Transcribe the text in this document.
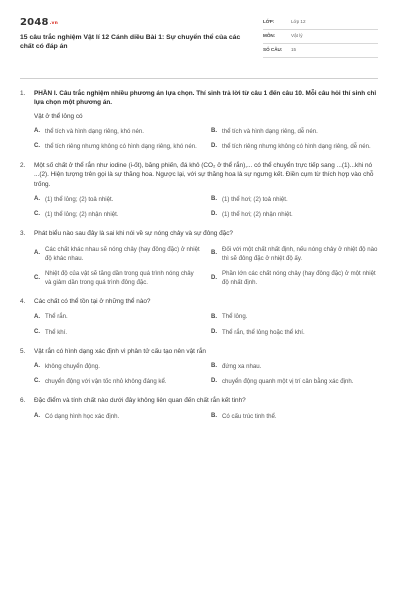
2048.vn
15 câu trắc nghiệm Vật lí 12 Cánh diều Bài 1: Sự chuyển thể của các chất có đáp án
LỚP:	Lớp 12
MÔN:	Vật lý
SỐ CÂU:	15
1.	PHẦN I. Câu trắc nghiệm nhiều phương án lựa chọn. Thí sinh trả lời từ câu 1 đến câu 10. Mỗi câu hỏi thí sinh chỉ lựa chọn một phương án.
Vật ở thể lỏng có
A. thể tích và hình dạng riêng, khó nén.	B. thể tích và hình dạng riêng, dễ nén.
C. thể tích riêng nhưng không có hình dạng riêng, khó nén. D. thể tích riêng nhưng không có hình dạng riêng, dễ nén.
2.	Một số chất ở thể rắn như iodine (i-ốt), băng phiến, đá khô (CO₂ ở thể rắn),... có thể chuyển trực tiếp sang ...(1)...khi nó ...(2). Hiện tượng trên gọi là sự thăng hoa. Ngược lại, với sự thăng hoa là sự ngưng kết. Điền cụm từ thích hợp vào chỗ trống.
A. (1) thể lỏng; (2) toả nhiệt.	B. (1) thể hơi; (2) toả nhiệt.
C. (1) thể lỏng; (2) nhận nhiệt.	D. (1) thể hơi; (2) nhận nhiệt.
3.	Phát biểu nào sau đây là sai khi nói về sự nóng chảy và sự đông đặc?
A.
Các chất khác nhau sẽ nóng chảy (hay đông đặc) ở nhiệt độ khác nhau.
B.
Đối với một chất nhất định, nếu nóng chảy ở nhiệt độ nào thì sẽ đông đặc ở nhiệt độ ấy.
C.
Nhiệt độ của vật sẽ tăng dần trong quá trình nóng chảy và giảm dần trong quá trình đông đặc.
D.
Phần lớn các chất nóng chảy (hay đông đặc) ở một nhiệt độ nhất định.
4.	Các chất có thể tồn tại ở những thể nào?
A. Thể rắn.	B. Thể lỏng.
C. Thể khí.	D. Thể rắn, thể lỏng hoặc thể khí.
5.	Vật rắn có hình dạng xác định vì phân tử cấu tạo nên vật rắn
A. không chuyển động.	B. đứng xa nhau.
C. chuyển động với vận tốc nhỏ không đáng kể.	D. chuyển động quanh một vị trí cân bằng xác định.
6.	Đặc điểm và tính chất nào dưới đây không liên quan đến chất rắn kết tinh?
A. Có dạng hình học xác định.	B. Có cấu trúc tinh thể.
